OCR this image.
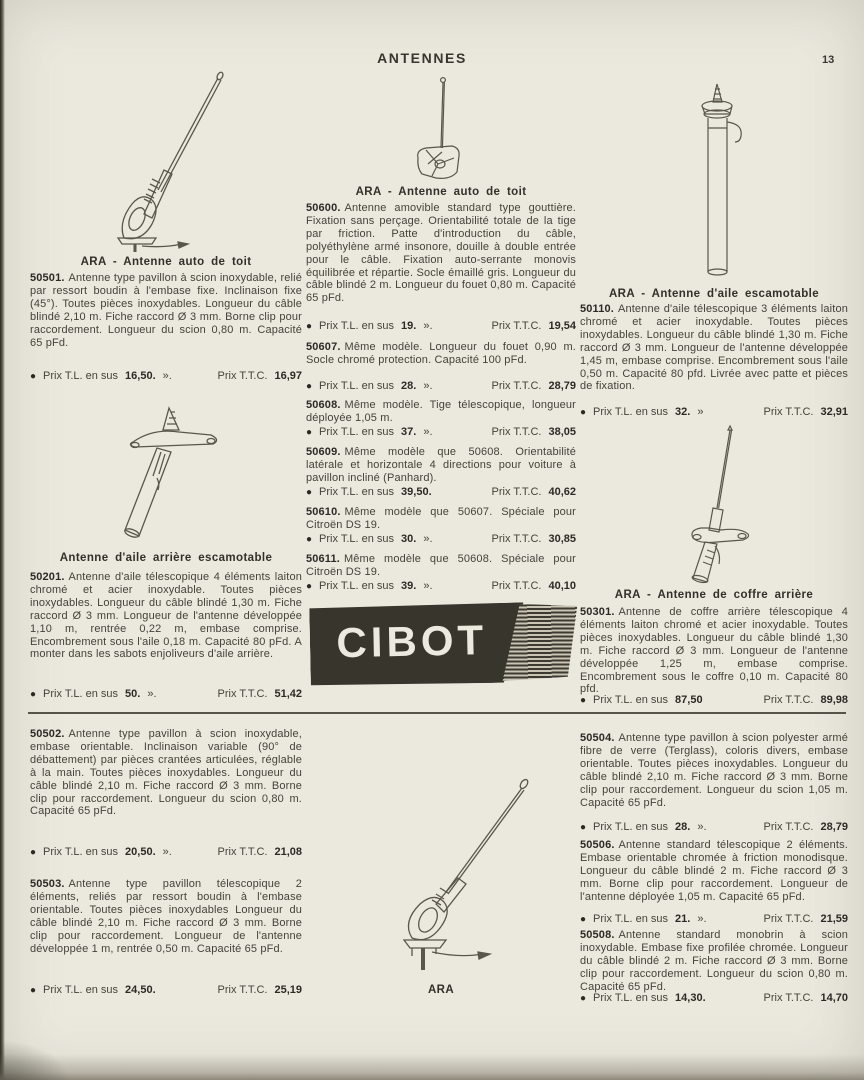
ANTENNES	13
ARA - Antenne auto de toit

50501. Antenne type pavillon à scion inoxydable, relié par ressort boudin à l'embase fixe. Inclinaison fixe (45°). Toutes pièces inoxydables. Longueur du câble blindé 2,10 m. Fiche raccord Ø 3 mm. Borne clip pour raccordement. Longueur du scion 0,80 m. Capacité 65 pFd.

● Prix T.L. en sus 16,50. ».	Prix T.T.C. 16,97
Antenne d'aile arrière escamotable

50201. Antenne d'aile télescopique 4 éléments laiton chromé et acier inoxydable. Toutes pièces inoxydables. Longueur du câble blindé 1,30 m. Fiche raccord Ø 3 mm. Longueur de l'antenne développée 1,10 m, rentrée 0,22 m, embase comprise. Encombrement sous l'aile 0,18 m. Capacité 80 pFd. A monter dans les sabots enjoliveurs d'aile arrière.

● Prix T.L. en sus 50. ».	Prix T.T.C. 51,42
ARA - Antenne auto de toit

50600. Antenne amovible standard type gouttière. Fixation sans perçage. Orientabilité totale de la tige par friction. Patte d'introduction du câble, polyéthylène armé insonore, douille à double entrée pour le câble. Fixation auto-serrante monovis équilibrée et répartie. Socle émaillé gris. Longueur du câble blindé 2 m. Longueur du fouet 0,80 m. Capacité 65 pFd.

● Prix T.L. en sus 19. ».	Prix T.T.C. 19,54

50607. Même modèle. Longueur du fouet 0,90 m. Socle chromé protection. Capacité 100 pFd.

● Prix T.L. en sus 28. ».	Prix T.T.C. 28,79

50608. Même modèle. Tige télescopique, longueur déployée 1,05 m.

● Prix T.L. en sus 37. ».	Prix T.T.C. 38,05

50609. Même modèle que 50608. Orientabilité latérale et horizontale 4 directions pour voiture à pavillon incliné (Panhard).

● Prix T.L. en sus 39,50.	Prix T.T.C. 40,62

50610. Même modèle que 50607. Spéciale pour Citroën DS 19.

● Prix T.L. en sus 30. ».	Prix T.T.C. 30,85

50611. Même modèle que 50608. Spéciale pour Citroën DS 19.

● Prix T.L. en sus 39. ».	Prix T.T.C. 40,10
CIBOT
ARA - Antenne d'aile escamotable

50110. Antenne d'aile télescopique 3 éléments laiton chromé et acier inoxydable. Toutes pièces inoxydables. Longueur du câble blindé 1,30 m. Fiche raccord Ø 3 mm. Longueur de l'antenne développée 1,45 m, embase comprise. Encombrement sous l'aile 0,50 m. Capacité 80 pfd. Livrée avec patte et pièces de fixation.

● Prix T.L. en sus 32. »	Prix T.T.C. 32,91
ARA - Antenne de coffre arrière

50301. Antenne de coffre arrière télescopique 4 éléments laiton chromé et acier inoxydable. Toutes pièces inoxydables. Longueur du câble blindé 1,30 m. Fiche raccord Ø 3 mm. Longueur de l'antenne développée 1,25 m, embase comprise. Encombrement sous le coffre 0,10 m. Capacité 80 pfd.

● Prix T.L. en sus 87,50	Prix T.T.C. 89,98

50502. Antenne type pavillon à scion inoxydable, embase orientable. Inclinaison variable (90° de débattement) par pièces crantées articulées, réglable à la main. Toutes pièces inoxydables. Longueur du câble blindé 2,10 m. Fiche raccord Ø 3 mm. Borne clip pour raccordement. Longueur du scion 0,80 m. Capacité 65 pFd.

● Prix T.L. en sus 20,50. ».	Prix T.T.C. 21,08

50503. Antenne type pavillon télescopique 2 éléments, reliés par ressort boudin à l'embase orientable. Toutes pièces inoxydables Longueur du câble blindé 2,10 m. Fiche raccord Ø 3 mm. Borne clip pour raccordement. Longueur de l'antenne développée 1 m, rentrée 0,50 m. Capacité 65 pFd.

● Prix T.L. en sus 24,50.	Prix T.T.C. 25,19	ARA

50504. Antenne type pavillon à scion polyester armé fibre de verre (Terglass), coloris divers, embase orientable. Toutes pièces inoxydables. Longueur du câble blindé 2,10 m. Fiche raccord Ø 3 mm. Borne clip pour raccordement. Longueur du scion 1,05 m. Capacité 65 pFd.

● Prix T.L. en sus 28. ».	Prix T.T.C. 28,79

50506. Antenne standard télescopique 2 éléments. Embase orientable chromée à friction monodisque. Longueur du câble blindé 2 m. Fiche raccord Ø 3 mm. Borne clip pour raccordement. Longueur de l'antenne déployée 1,05 m. Capacité 65 pFd.

● Prix T.L. en sus 21. ».	Prix T.T.C. 21,59

50508. Antenne standard monobrin à scion inoxydable. Embase fixe profilée chromée. Longueur du câble blindé 2 m. Fiche raccord Ø 3 mm. Borne clip pour raccordement. Longueur du scion 0,80 m. Capacité 65 pFd.

● Prix T.L. en sus 14,30.	Prix T.T.C. 14,70
